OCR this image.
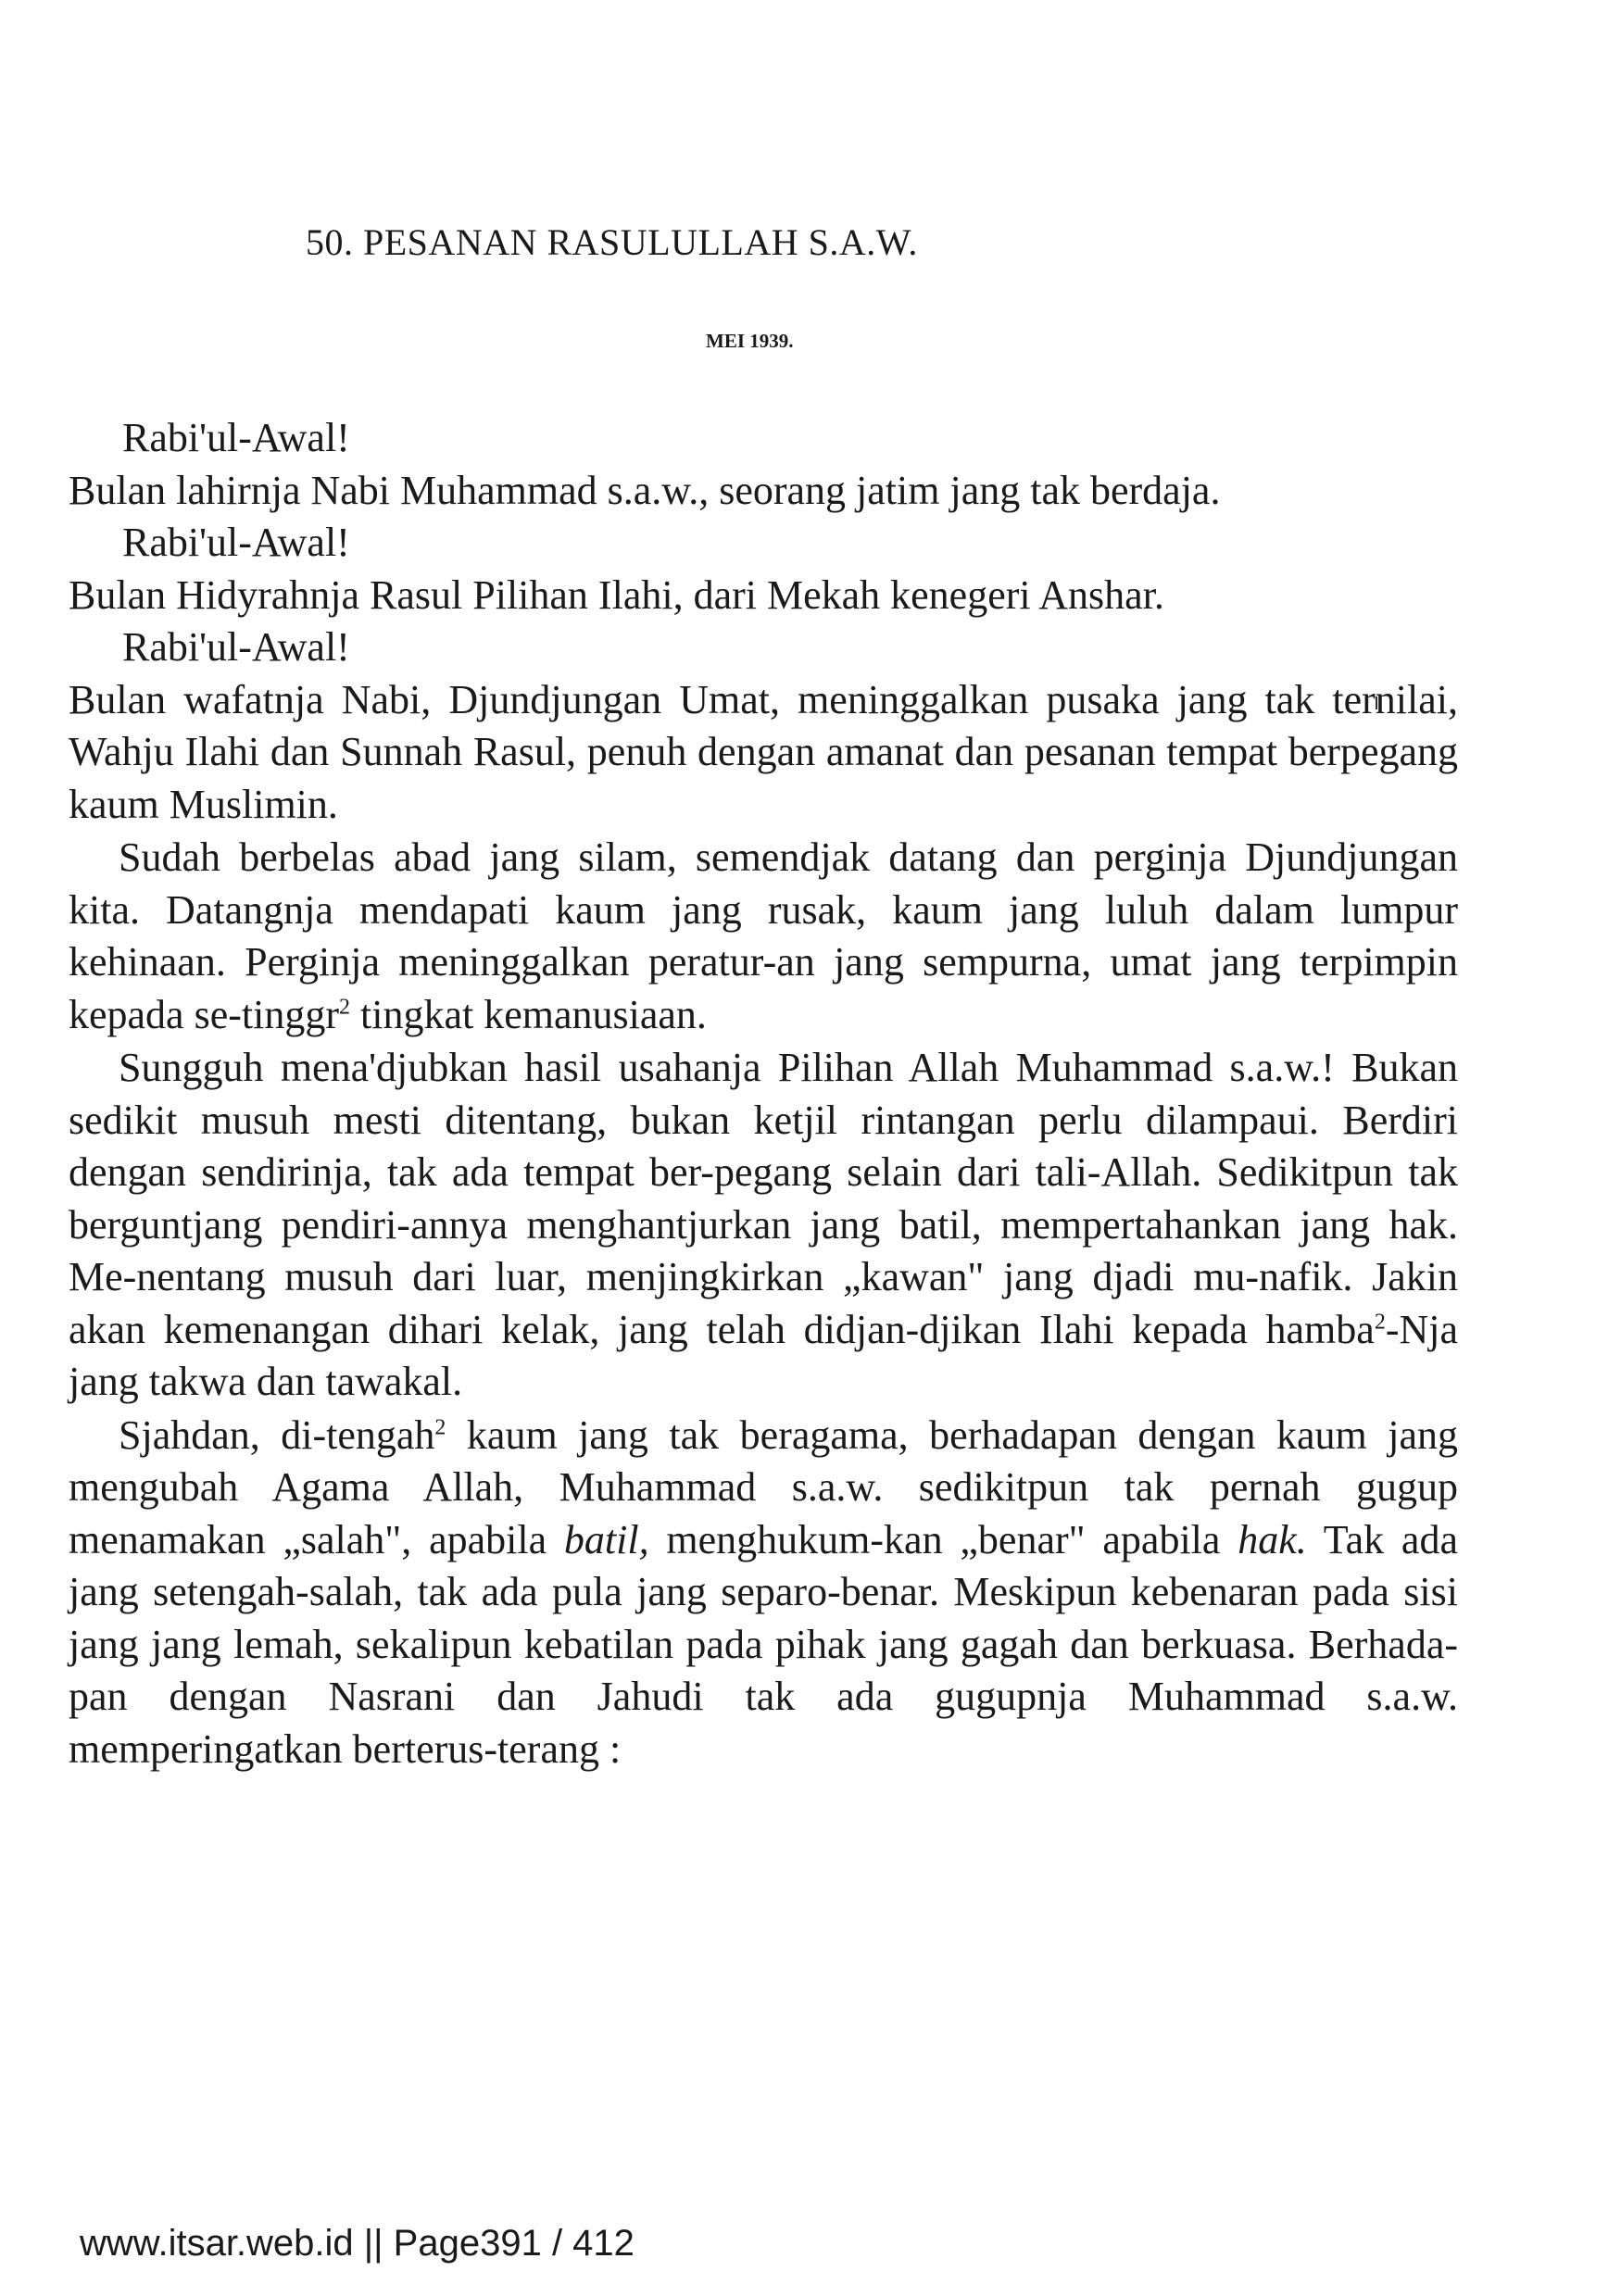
50. PESANAN RASULULLAH S.A.W.
MEI 1939.

Rabi'ul-Awal!

Bulan lahirnja Nabi Muhammad s.a.w., seorang jatim jang tak berdaja.

Rabi'ul-Awal!

Bulan Hidyrahnja Rasul Pilihan Ilahi, dari Mekah kenegeri Anshar.

Rabi'ul-Awal!

Bulan wafatnja Nabi, Djundjungan Umat, meninggalkan pusaka jang tak ternilai, Wahju Ilahi dan Sunnah Rasul, penuh dengan amanat dan pesanan tempat berpegang kaum Muslimin.

Sudah berbelas abad jang silam, semendjak datang dan perginja Djundjungan kita. Datangnja mendapati kaum jang rusak, kaum jang luluh dalam lumpur kehinaan. Perginja meninggalkan peratur-an jang sempurna, umat jang terpimpin kepada se-tinggr$^2$ tingkat kemanusiaan.

Sungguh mena'djubkan hasil usahanja Pilihan Allah Muhammad s.a.w.! Bukan sedikit musuh mesti ditentang, bukan ketjil rintangan perlu dilampaui. Berdiri dengan sendirinja, tak ada tempat ber-pegang selain dari tali-Allah. Sedikitpun tak berguntjang pendiri-annya menghantjurkan jang batil, mempertahankan jang hak. Me-nentang musuh dari luar, menjingkirkan „kawan" jang djadi mu-nafik. Jakin akan kemenangan dihari kelak, jang telah didjan-djikan Ilahi kepada hamba$^2$-Nja jang takwa dan tawakal.

Sjahdan, di-tengah$^2$ kaum jang tak beragama, berhadapan dengan kaum jang mengubah Agama Allah, Muhammad s.a.w. sedikitpun tak pernah gugup menamakan „salah", apabila batil, menghukum-kan „benar" apabila hak. Tak ada jang setengah-salah, tak ada pula jang separo-benar. Meskipun kebenaran pada sisi jang jang lemah, sekalipun kebatilan pada pihak jang gagah dan berkuasa. Berhada-pan dengan Nasrani dan Jahudi tak ada gugupnja Muhammad s.a.w. memperingatkan berterus-terang :

www.itsar.web.id || Page391 / 412
